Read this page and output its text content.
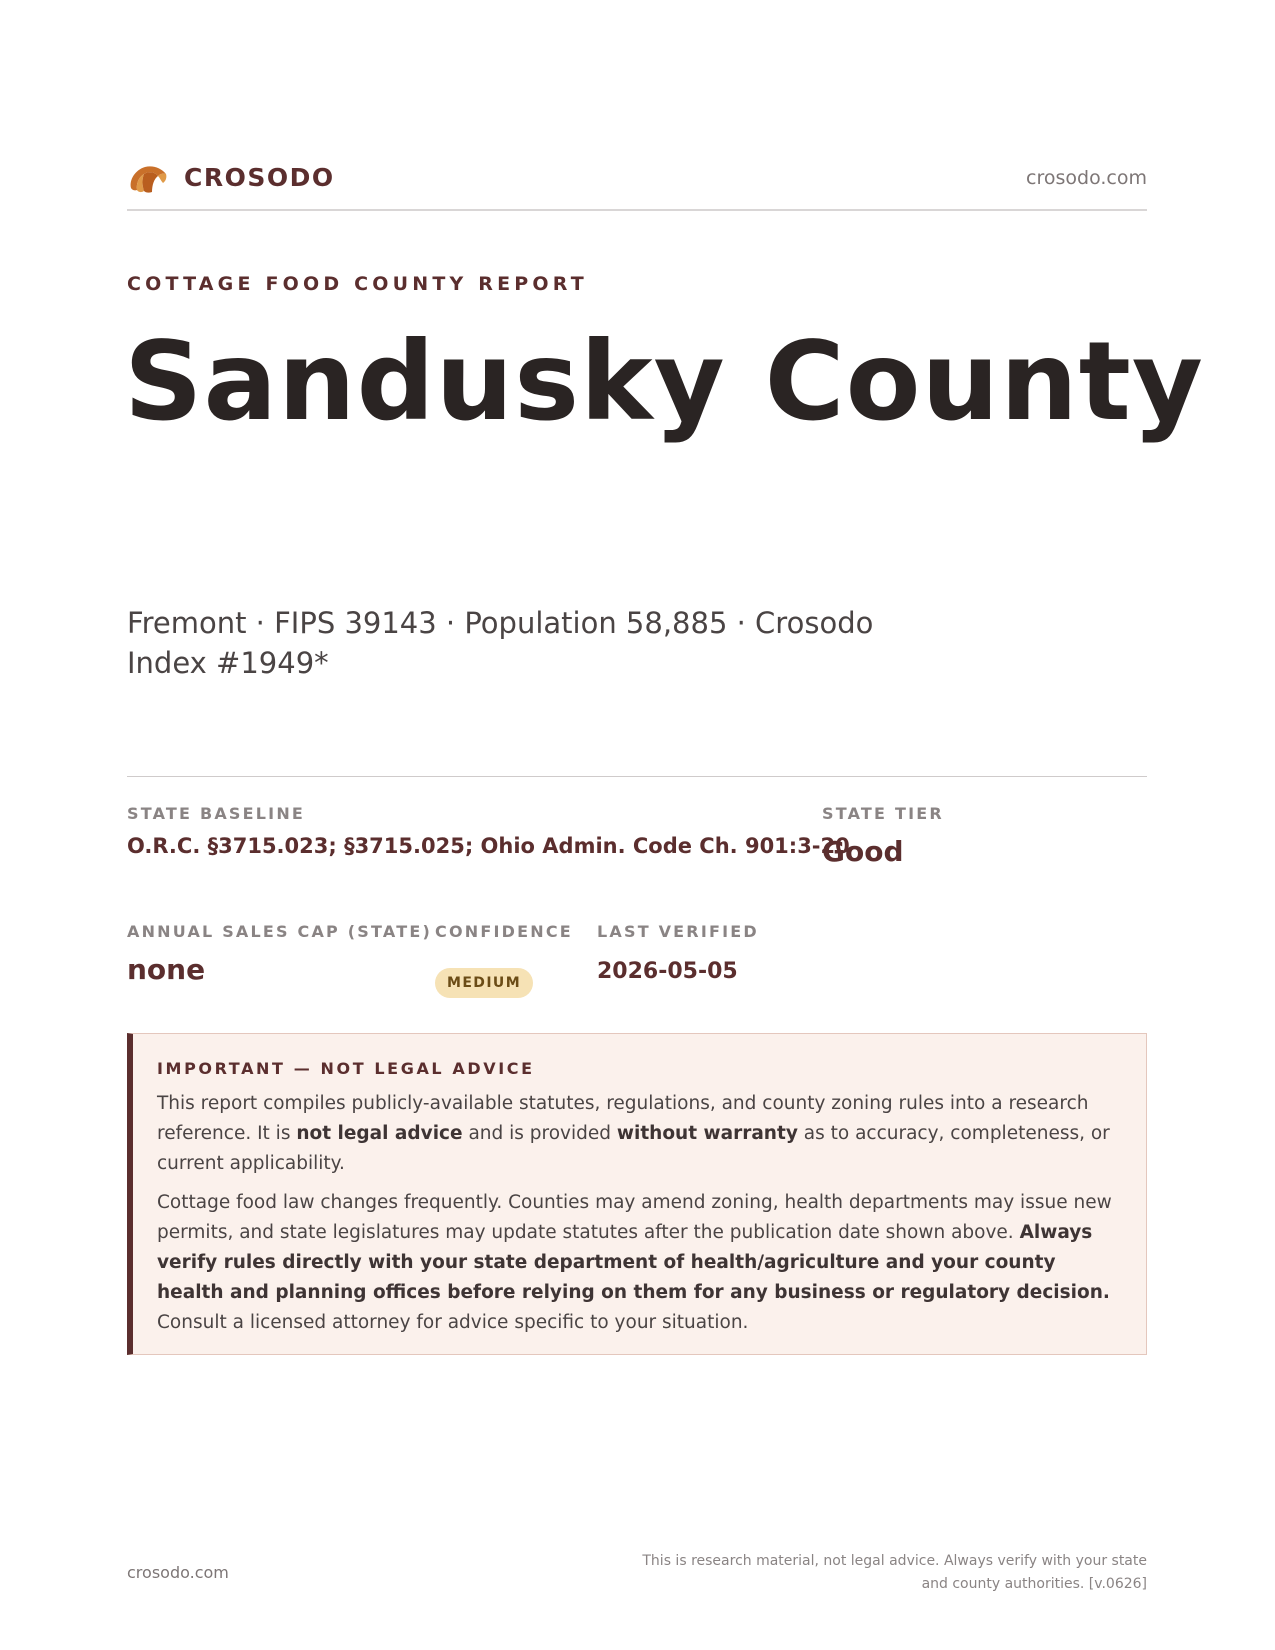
CROSODO	crosodo.com
COTTAGE FOOD COUNTY REPORT
Sandusky County
Fremont · FIPS 39143 · Population 58,885 · Crosodo Index #1949*
STATE BASELINE
O.R.C. §3715.023; §3715.025; Ohio Admin. Code Ch. 901:3-20
STATE TIER
Good
ANNUAL SALES CAP (STATE)
none
CONFIDENCE
MEDIUM
LAST VERIFIED
2026-05-05
IMPORTANT — NOT LEGAL ADVICE
This report compiles publicly-available statutes, regulations, and county zoning rules into a research reference. It is not legal advice and is provided without warranty as to accuracy, completeness, or current applicability.
Cottage food law changes frequently. Counties may amend zoning, health departments may issue new permits, and state legislatures may update statutes after the publication date shown above. Always verify rules directly with your state department of health/agriculture and your county health and planning offices before relying on them for any business or regulatory decision. Consult a licensed attorney for advice specific to your situation.
crosodo.com
This is research material, not legal advice. Always verify with your state and county authorities. [v.0626]
